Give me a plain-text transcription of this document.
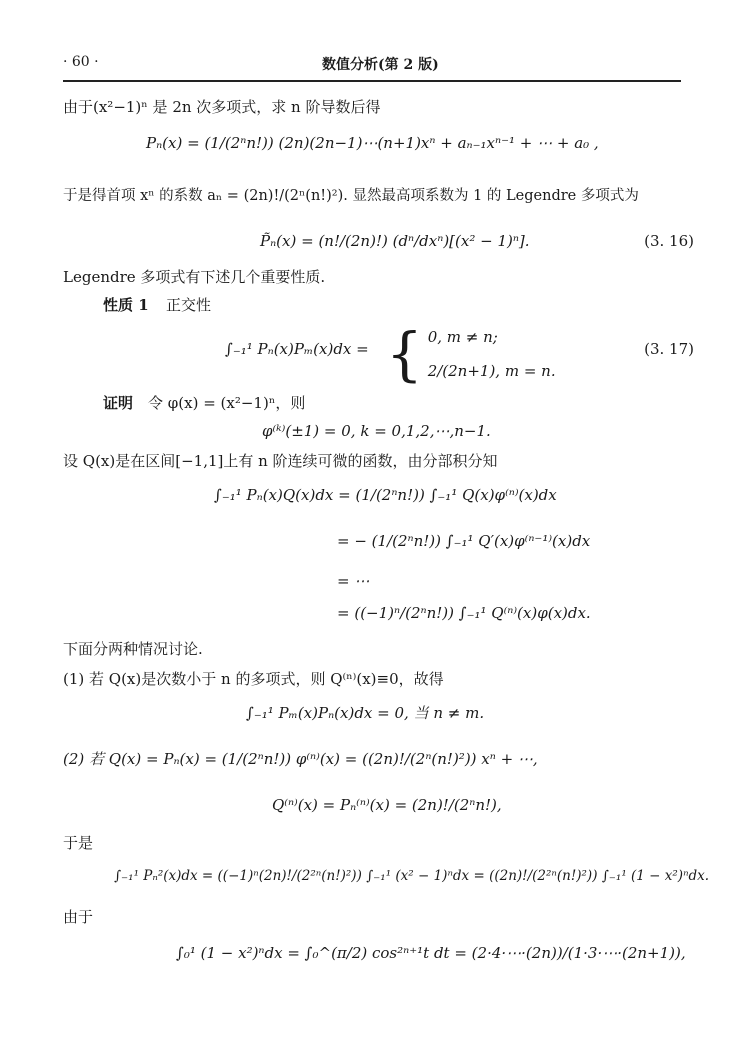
· 60 ·	数值分析(第 2 版)
由于(x²−1)ⁿ 是 2n 次多项式，求 n 阶导数后得
Pₙ(x) = (1/(2ⁿn!)) (2n)(2n−1)⋯(n+1)xⁿ + aₙ₋₁xⁿ⁻¹ + ⋯ + a₀ ,
于是得首项 xⁿ 的系数 aₙ = (2n)!/(2ⁿ(n!)²). 显然最高项系数为 1 的 Legendre 多项式为
P̃ₙ(x) = (n!/(2n)!) (dⁿ/dxⁿ)[(x² − 1)ⁿ].	(3. 16)
Legendre 多项式有下述几个重要性质.
性质 1 正交性
∫₋₁¹ Pₙ(x)Pₘ(x)dx = { 0, m ≠ n;
2/(2n+1), m = n.
(3. 17)
证明 令 φ(x) = (x²−1)ⁿ，则
φ⁽ᵏ⁾(±1) = 0, k = 0,1,2,⋯,n−1.
设 Q(x)是在区间[−1,1]上有 n 阶连续可微的函数，由分部积分知
∫₋₁¹ Pₙ(x)Q(x)dx = (1/(2ⁿn!)) ∫₋₁¹ Q(x)φ⁽ⁿ⁾(x)dx
= − (1/(2ⁿn!)) ∫₋₁¹ Q′(x)φ⁽ⁿ⁻¹⁾(x)dx
= ⋯
= ((−1)ⁿ/(2ⁿn!)) ∫₋₁¹ Q⁽ⁿ⁾(x)φ(x)dx.
下面分两种情况讨论.
(1) 若 Q(x)是次数小于 n 的多项式，则 Q⁽ⁿ⁾(x)≡0，故得
∫₋₁¹ Pₘ(x)Pₙ(x)dx = 0, 当 n ≠ m.
(2) 若 Q(x) = Pₙ(x) = (1/(2ⁿn!)) φ⁽ⁿ⁾(x) = ((2n)!/(2ⁿ(n!)²)) xⁿ + ⋯,
Q⁽ⁿ⁾(x) = Pₙ⁽ⁿ⁾(x) = (2n)!/(2ⁿn!),
于是
∫₋₁¹ Pₙ²(x)dx = ((−1)ⁿ(2n)!/(2²ⁿ(n!)²)) ∫₋₁¹ (x² − 1)ⁿdx = ((2n)!/(2²ⁿ(n!)²)) ∫₋₁¹ (1 − x²)ⁿdx.
由于
∫₀¹ (1 − x²)ⁿdx = ∫₀^(π/2) cos²ⁿ⁺¹t dt = (2·4·⋯·(2n))/(1·3·⋯·(2n+1)),
